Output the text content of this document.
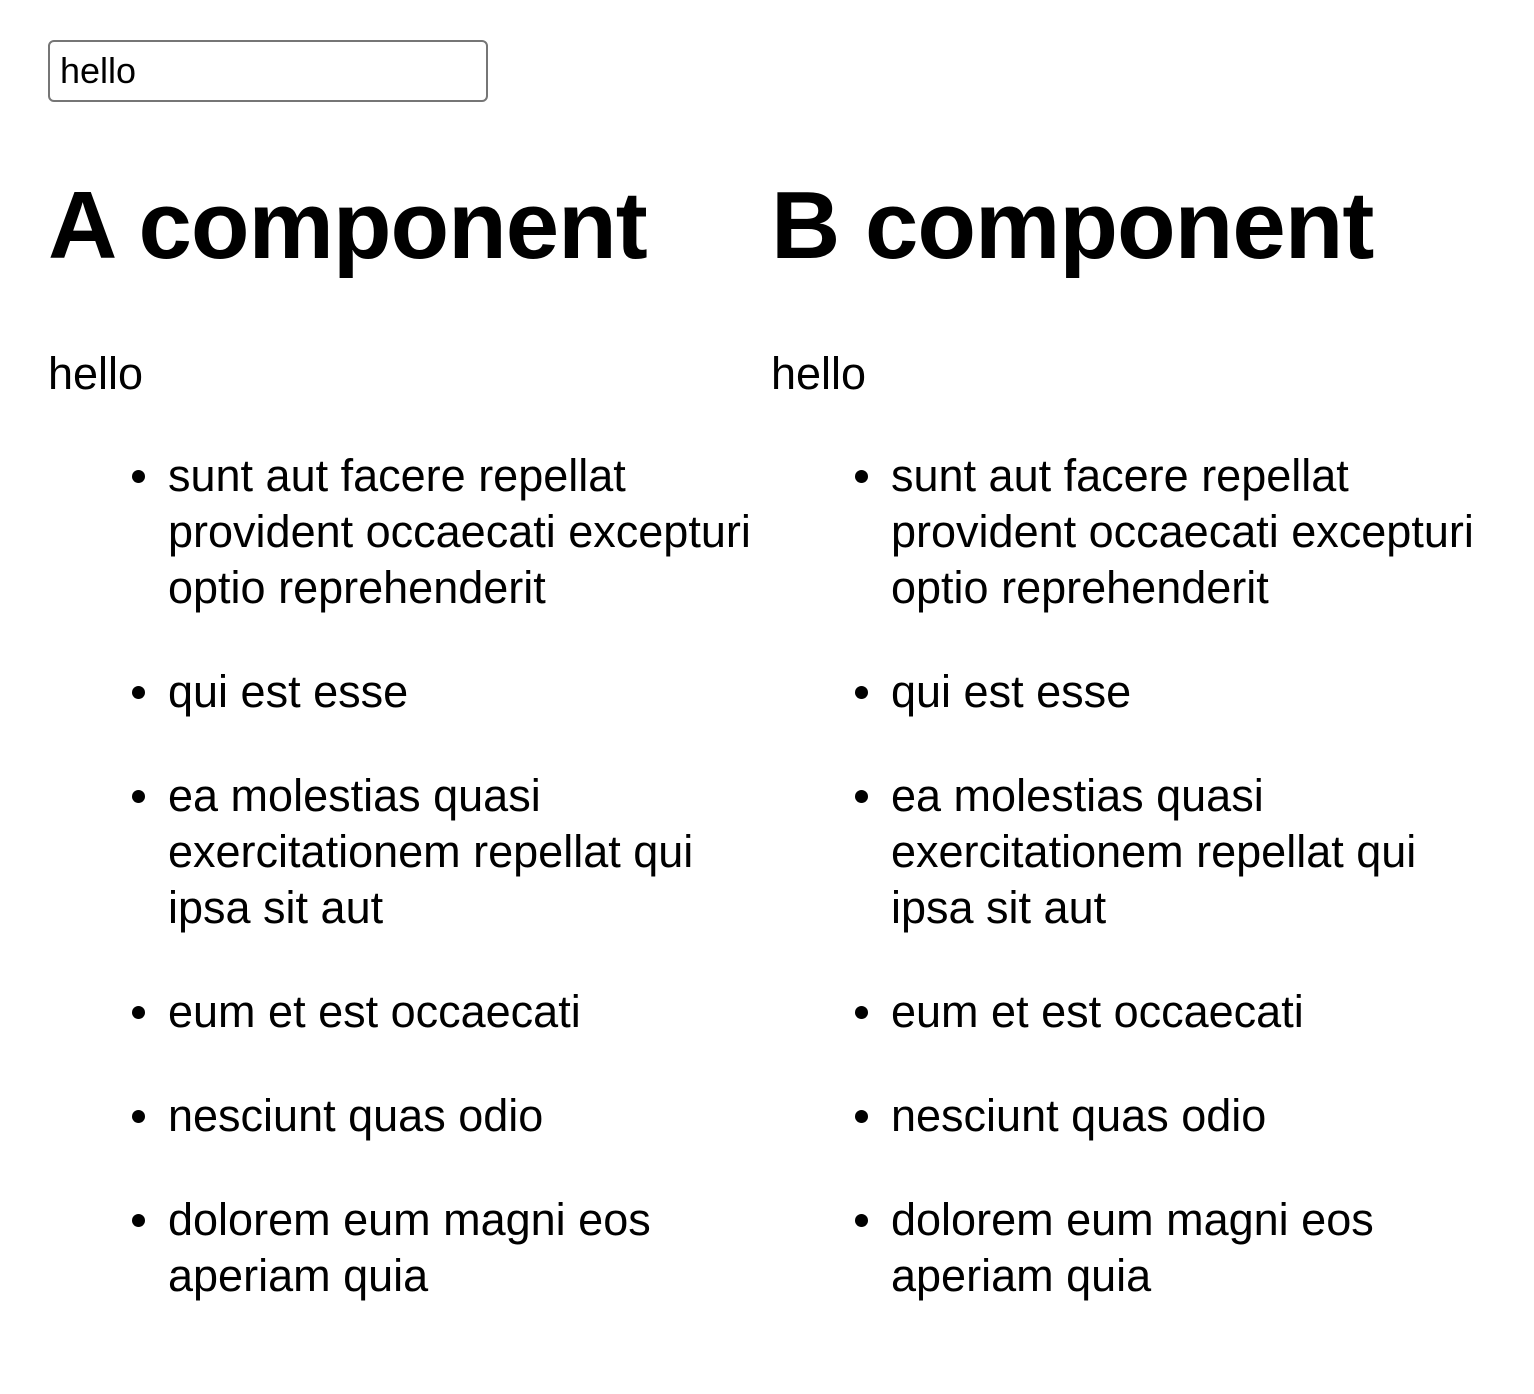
hello
A component
hello
sunt aut facere repellat provident occaecati excepturi optio reprehenderit
qui est esse
ea molestias quasi exercitationem repellat qui ipsa sit aut
eum et est occaecati
nesciunt quas odio
dolorem eum magni eos aperiam quia
B component
hello
sunt aut facere repellat provident occaecati excepturi optio reprehenderit
qui est esse
ea molestias quasi exercitationem repellat qui ipsa sit aut
eum et est occaecati
nesciunt quas odio
dolorem eum magni eos aperiam quia
